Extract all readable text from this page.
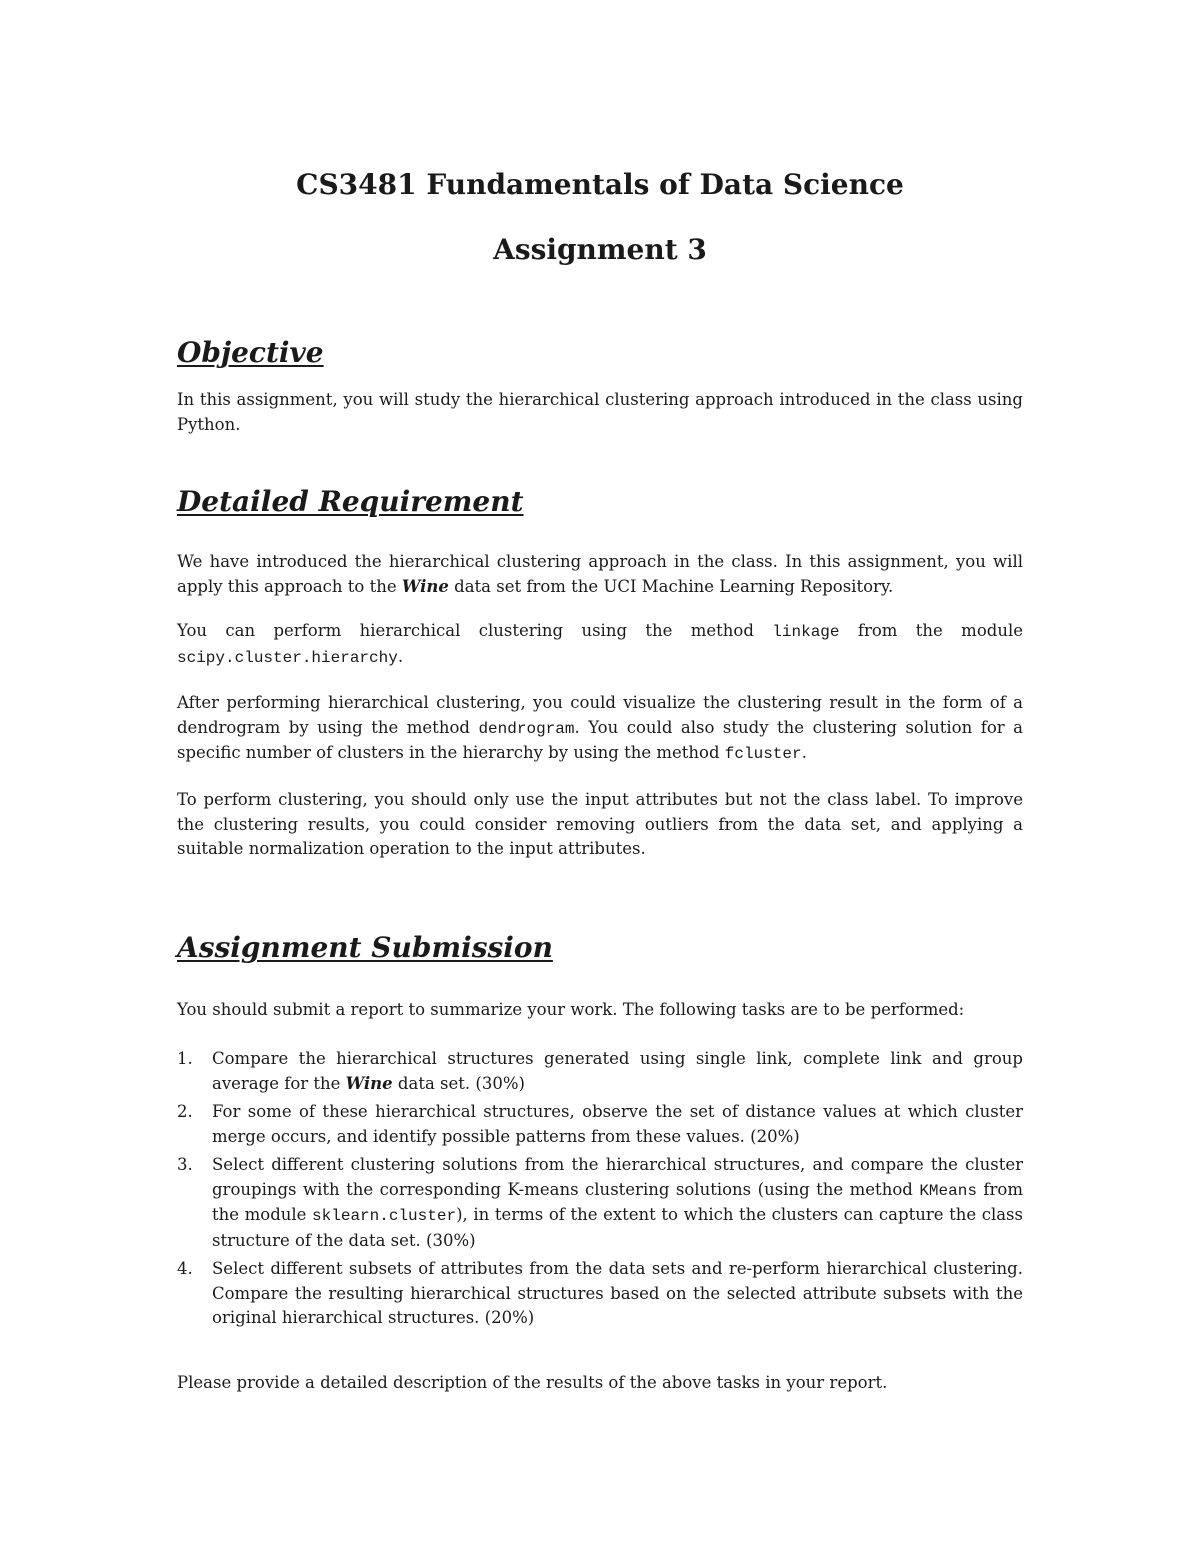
CS3481 Fundamentals of Data Science
Assignment 3
Objective

In this assignment, you will study the hierarchical clustering approach introduced in the class using Python.

Detailed Requirement

We have introduced the hierarchical clustering approach in the class. In this assignment, you will apply this approach to the Wine data set from the UCI Machine Learning Repository.

You can perform hierarchical clustering using the method linkage from the module scipy.cluster.hierarchy.

After performing hierarchical clustering, you could visualize the clustering result in the form of a dendrogram by using the method dendrogram. You could also study the clustering solution for a specific number of clusters in the hierarchy by using the method fcluster.

To perform clustering, you should only use the input attributes but not the class label. To improve the clustering results, you could consider removing outliers from the data set, and applying a suitable normalization operation to the input attributes.

Assignment Submission

You should submit a report to summarize your work. The following tasks are to be performed:

1. Compare the hierarchical structures generated using single link, complete link and group average for the Wine data set. (30%)
2. For some of these hierarchical structures, observe the set of distance values at which cluster merge occurs, and identify possible patterns from these values. (20%)
3. Select different clustering solutions from the hierarchical structures, and compare the cluster groupings with the corresponding K-means clustering solutions (using the method KMeans from the module sklearn.cluster), in terms of the extent to which the clusters can capture the class structure of the data set. (30%)
4. Select different subsets of attributes from the data sets and re-perform hierarchical clustering. Compare the resulting hierarchical structures based on the selected attribute subsets with the original hierarchical structures. (20%)

Please provide a detailed description of the results of the above tasks in your report.
